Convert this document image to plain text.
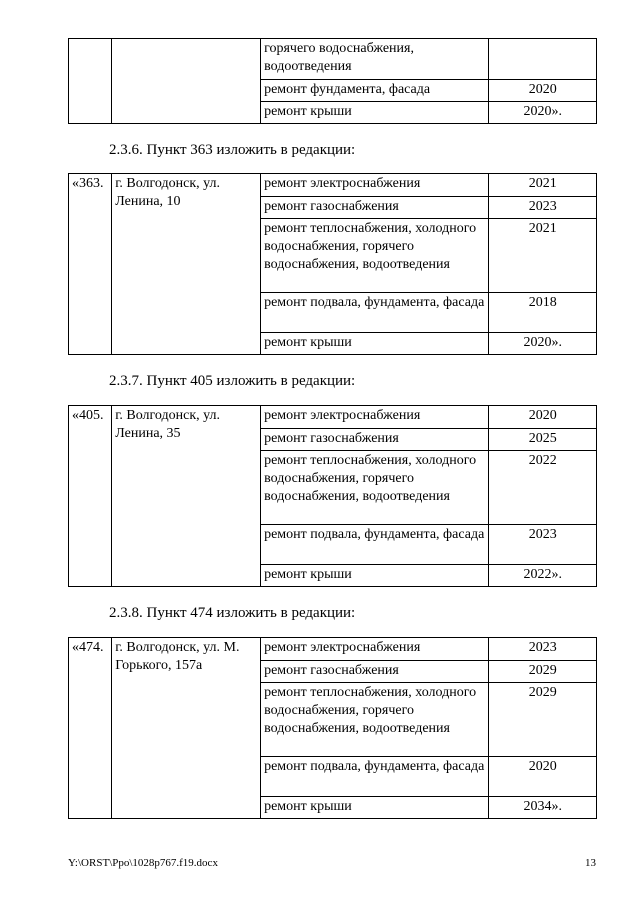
		горячего водоснабжения, водоотведения	
		ремонт фундамента, фасада	2020
		ремонт крыши	2020».
2.3.6. Пункт 363 изложить в редакции:
«363.	г. Волгодонск, ул. Ленина, 10	ремонт электроснабжения	2021
		ремонт газоснабжения	2023
		ремонт теплоснабжения, холодного водоснабжения, горячего водоснабжения, водоотведения	2021
		ремонт подвала, фундамента, фасада	2018
		ремонт крыши	2020».
2.3.7. Пункт 405 изложить в редакции:
«405.	г. Волгодонск, ул. Ленина, 35	ремонт электроснабжения	2020
		ремонт газоснабжения	2025
		ремонт теплоснабжения, холодного водоснабжения, горячего водоснабжения, водоотведения	2022
		ремонт подвала, фундамента, фасада	2023
		ремонт крыши	2022».
2.3.8. Пункт 474 изложить в редакции:
«474.	г. Волгодонск, ул. М. Горького, 157а	ремонт электроснабжения	2023
		ремонт газоснабжения	2029
		ремонт теплоснабжения, холодного водоснабжения, горячего водоснабжения, водоотведения	2029
		ремонт подвала, фундамента, фасада	2020
		ремонт крыши	2034».
Y:\ORST\Ppo\1028p767.f19.docx	13
